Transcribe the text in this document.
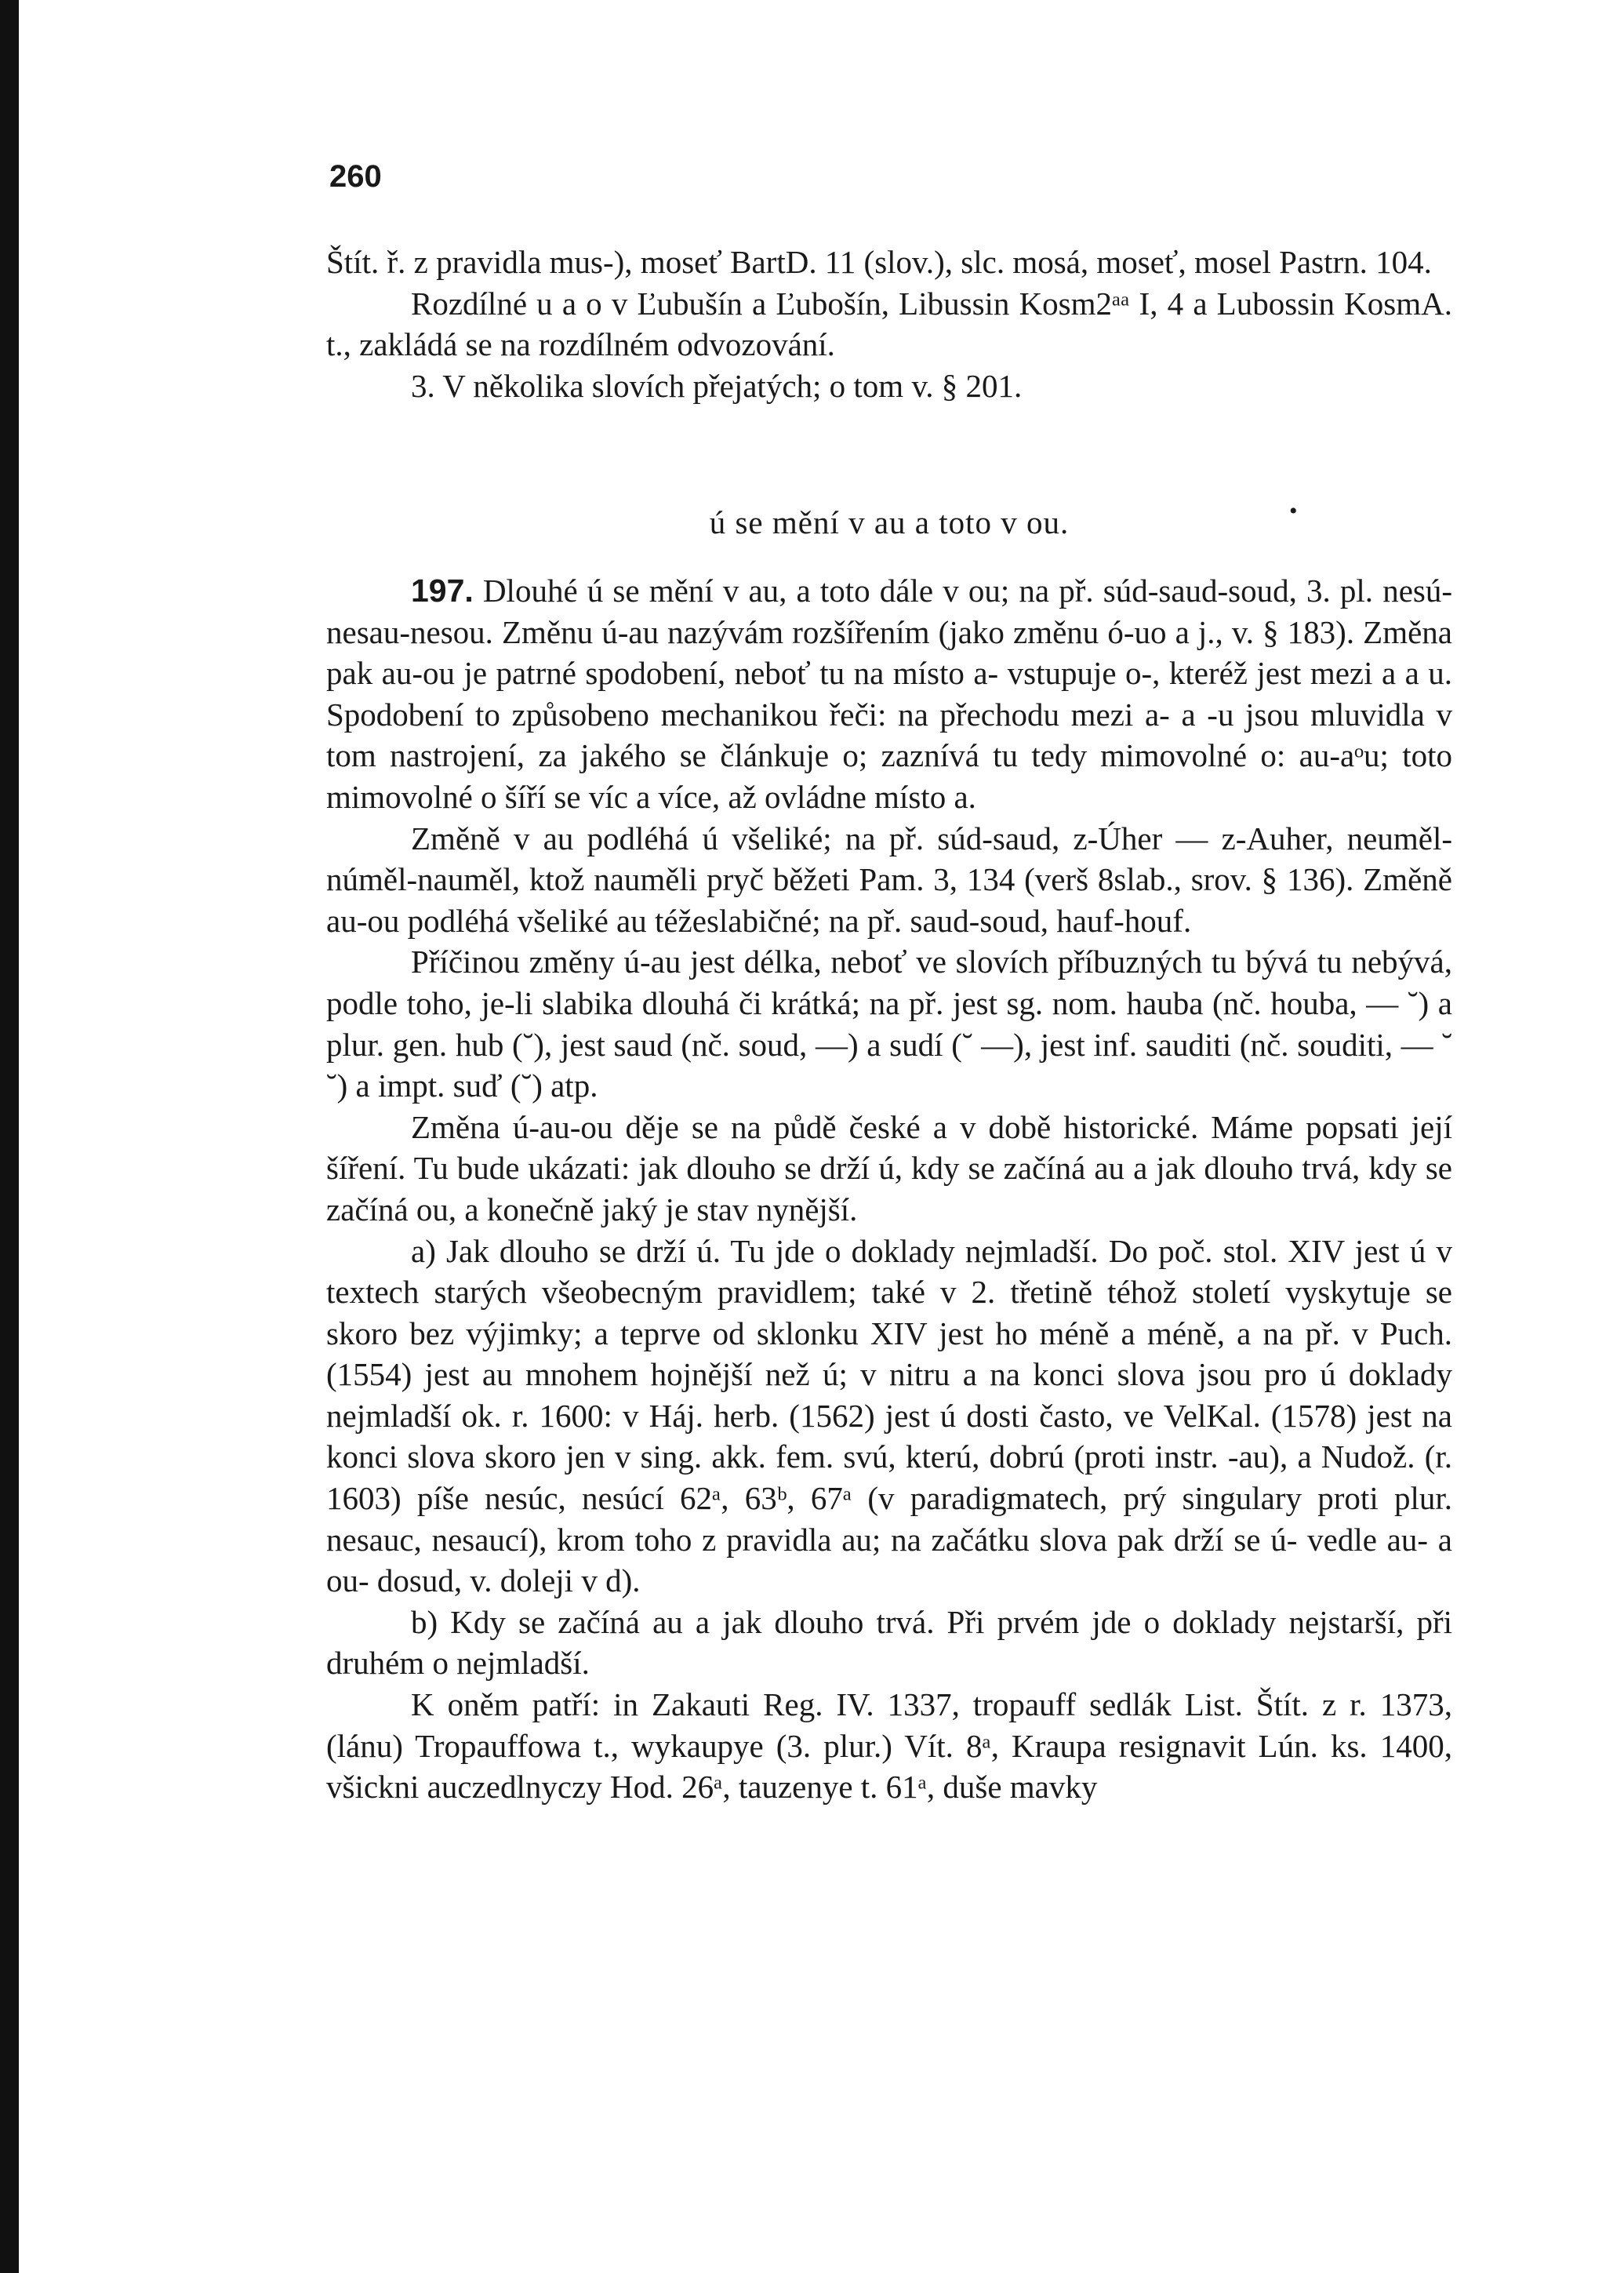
260

Štít. ř. z pravidla mus-), moseť BartD. 11 (slov.), slc. mosá, moseť, mosel Pastrn. 104.

Rozdílné u a o v Ľubušín a Ľubošín, Libussin Kosm2ᵃᵃ I, 4 a Lubossin KosmA. t., zakládá se na rozdílném odvozování.

3. V několika slovích přejatých; o tom v. § 201.

•
ú se mění v au a toto v ou.

197. Dlouhé ú se mění v au, a toto dále v ou; na př. súd-saud-soud, 3. pl. nesú-nesau-nesou. Změnu ú-au nazývám rozšířením (jako změnu ó-uo a j., v. § 183). Změna pak au-ou je patrné spodobení, neboť tu na místo a- vstupuje o-, kteréž jest mezi a a u. Spodobení to způsobeno mechanikou řeči: na přechodu mezi a- a -u jsou mluvidla v tom nastrojení, za jakého se článkuje o; zaznívá tu tedy mimovolné o: au-aᵒu; toto mimovolné o šíří se víc a více, až ovládne místo a.

Změně v au podléhá ú všeliké; na př. súd-saud, z-Úher — z-Auher, neuměl-núměl-nauměl, ktož nauměli pryč běžeti Pam. 3, 134 (verš 8slab., srov. § 136). Změně au-ou podléhá všeliké au téžeslabičné; na př. saud-soud, hauf-houf.

Příčinou změny ú-au jest délka, neboť ve slovích příbuzných tu bývá tu nebývá, podle toho, je-li slabika dlouhá či krátká; na př. jest sg. nom. hauba (nč. houba, — ˘) a plur. gen. hub (˘), jest saud (nč. soud, —) a sudí (˘ —), jest inf. sauditi (nč. souditi, — ˘ ˘) a impt. suď (˘) atp.

Změna ú-au-ou děje se na půdě české a v době historické. Máme popsati její šíření. Tu bude ukázati: jak dlouho se drží ú, kdy se začíná au a jak dlouho trvá, kdy se začíná ou, a konečně jaký je stav nynější.

a) Jak dlouho se drží ú. Tu jde o doklady nejmladší. Do poč. stol. XIV jest ú v textech starých všeobecným pravidlem; také v 2. třetině téhož století vyskytuje se skoro bez výjimky; a teprve od sklonku XIV jest ho méně a méně, a na př. v Puch. (1554) jest au mnohem hojnější než ú; v nitru a na konci slova jsou pro ú doklady nejmladší ok. r. 1600: v Háj. herb. (1562) jest ú dosti často, ve VelKal. (1578) jest na konci slova skoro jen v sing. akk. fem. svú, kterú, dobrú (proti instr. -au), a Nudož. (r. 1603) píše nesúc, nesúcí 62ᵃ, 63ᵇ, 67ᵃ (v paradigmatech, prý singulary proti plur. nesauc, nesaucí), krom toho z pravidla au; na začátku slova pak drží se ú- vedle au- a ou- dosud, v. doleji v d).

b) Kdy se začíná au a jak dlouho trvá. Při prvém jde o doklady nejstarší, při druhém o nejmladší.

K oněm patří: in Zakauti Reg. IV. 1337, tropauff sedlák List. Štít. z r. 1373, (lánu) Tropauffowa t., wykaupye (3. plur.) Vít. 8ᵃ, Kraupa resignavit Lún. ks. 1400, všickni auczedlnyczy Hod. 26ᵃ, tauzenye t. 61ᵃ, duše mavky
